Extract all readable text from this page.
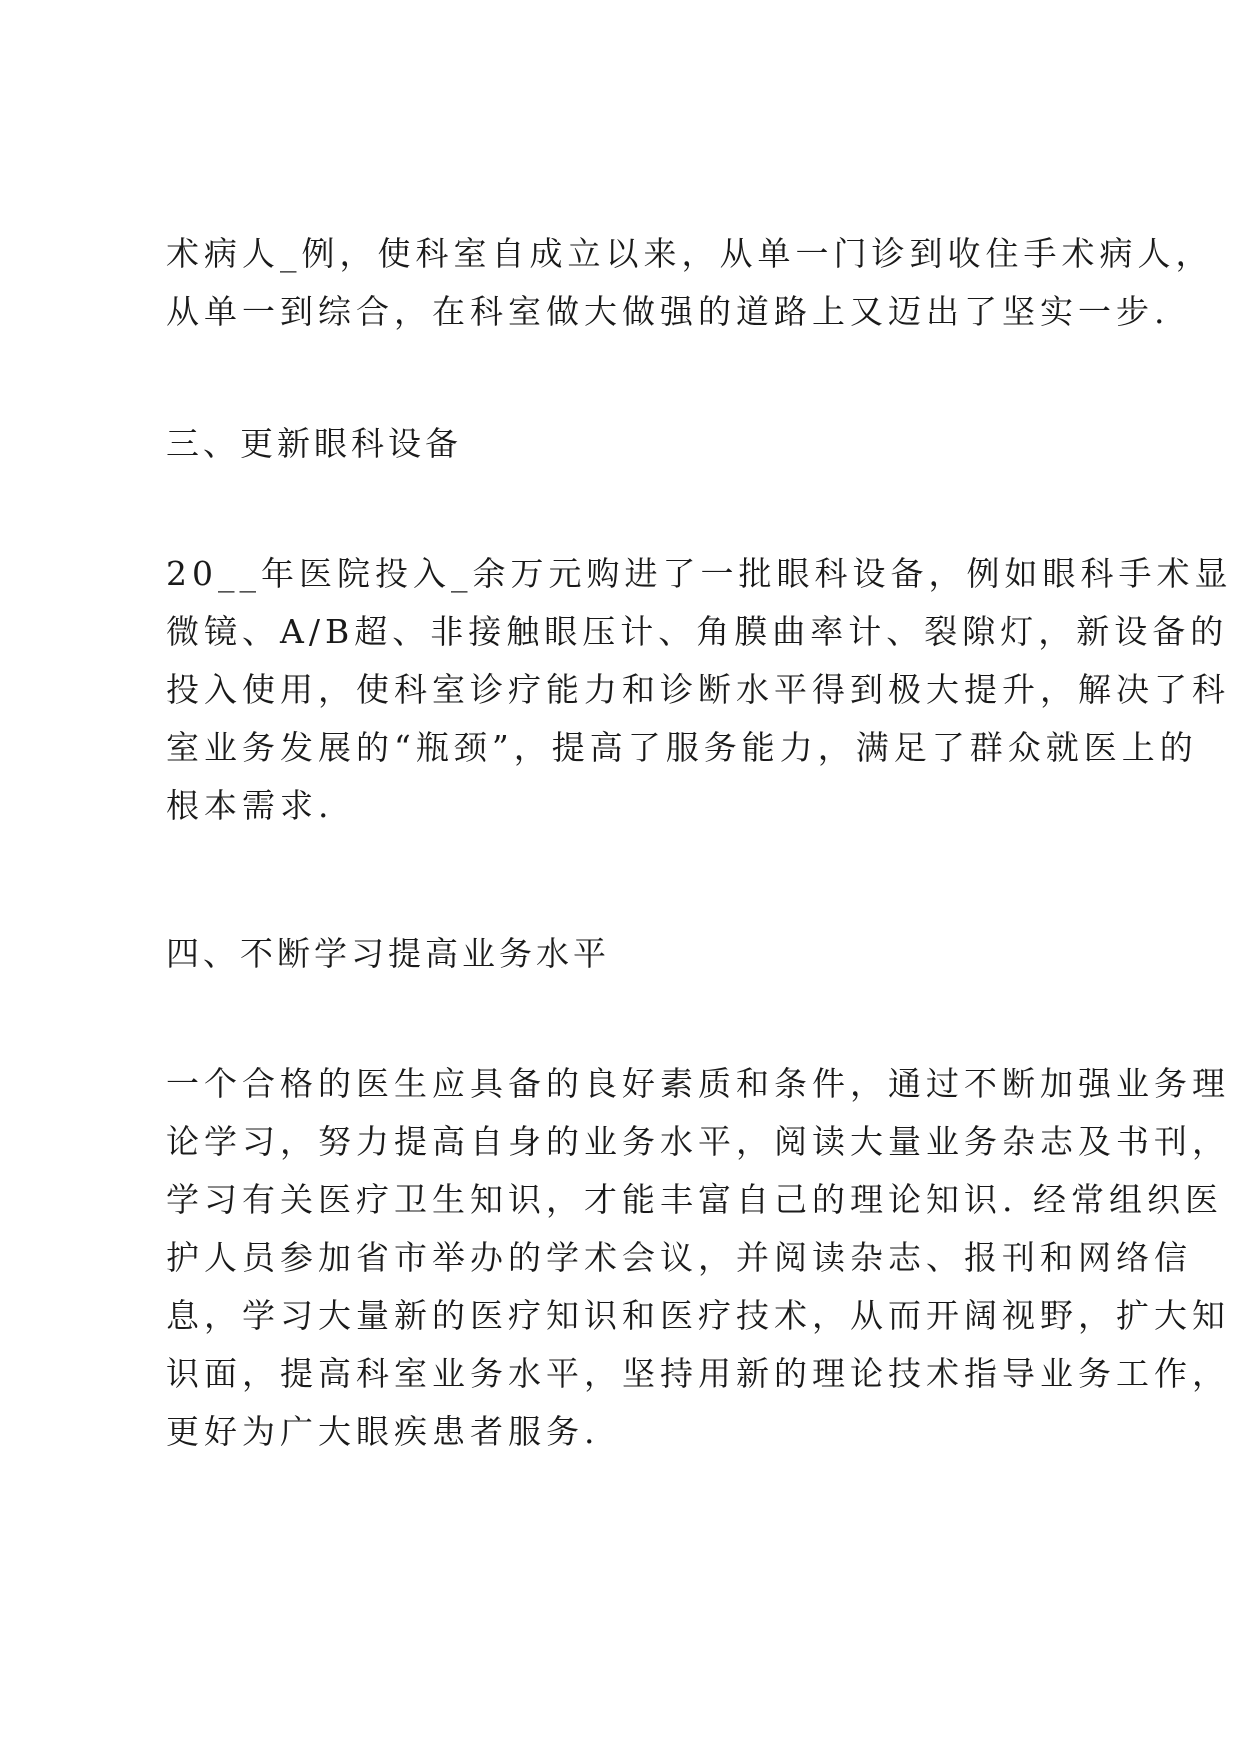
术病人_例，使科室自成立以来，从单一门诊到收住手术病人，
从单一到综合，在科室做大做强的道路上又迈出了坚实一步.
三、更新眼科设备
20__年医院投入_余万元购进了一批眼科设备，例如眼科手术显
微镜、A/B超、非接触眼压计、角膜曲率计、裂隙灯，新设备的
投入使用，使科室诊疗能力和诊断水平得到极大提升，解决了科
室业务发展的“瓶颈”，提高了服务能力，满足了群众就医上的
根本需求.
四、不断学习提高业务水平
一个合格的医生应具备的良好素质和条件，通过不断加强业务理
论学习，努力提高自身的业务水平，阅读大量业务杂志及书刊，
学习有关医疗卫生知识，才能丰富自己的理论知识. 经常组织医
护人员参加省市举办的学术会议，并阅读杂志、报刊和网络信
息，学习大量新的医疗知识和医疗技术，从而开阔视野，扩大知
识面，提高科室业务水平，坚持用新的理论技术指导业务工作，
更好为广大眼疾患者服务.
